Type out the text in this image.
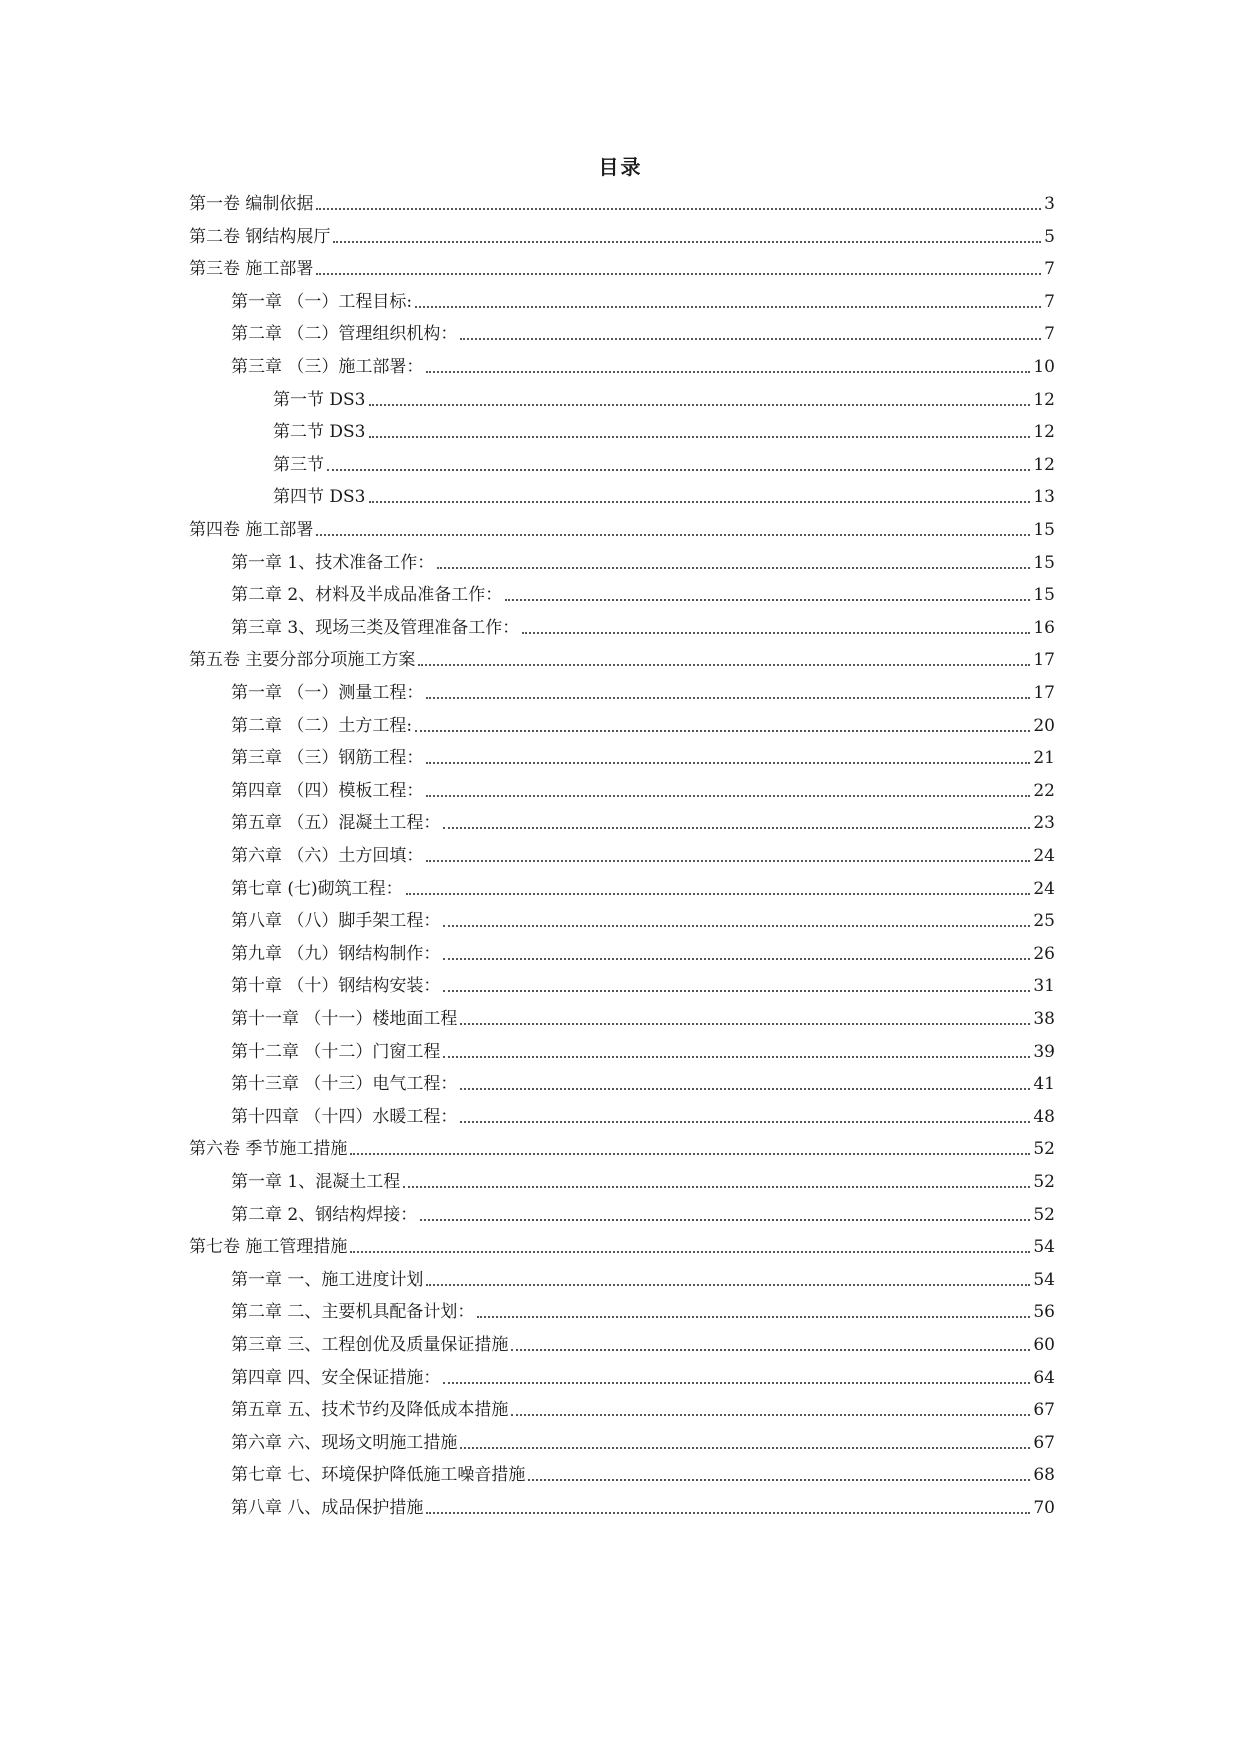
目录
第一卷 编制依据	3
第二卷 钢结构展厅	5
第三卷 施工部署	7
第一章 （一）工程目标:	7
第二章 （二）管理组织机构：	7
第三章 （三）施工部署：	10
第一节 DS3	12
第二节 DS3	12
第三节	12
第四节 DS3	13
第四卷 施工部署	15
第一章 1、技术准备工作：	15
第二章 2、材料及半成品准备工作：	15
第三章 3、现场三类及管理准备工作：	16
第五卷 主要分部分项施工方案	17
第一章 （一）测量工程：	17
第二章 （二）土方工程:	20
第三章 （三）钢筋工程：	21
第四章 （四）模板工程：	22
第五章 （五）混凝土工程：	23
第六章 （六）土方回填：	24
第七章 (七)砌筑工程：	24
第八章 （八）脚手架工程：	25
第九章 （九）钢结构制作：	26
第十章 （十）钢结构安装：	31
第十一章 （十一）楼地面工程	38
第十二章 （十二）门窗工程	39
第十三章 （十三）电气工程：	41
第十四章 （十四）水暖工程：	48
第六卷 季节施工措施	52
第一章 1、混凝土工程	52
第二章 2、钢结构焊接：	52
第七卷 施工管理措施	54
第一章 一、施工进度计划	54
第二章 二、主要机具配备计划：	56
第三章 三、工程创优及质量保证措施	60
第四章 四、安全保证措施：	64
第五章 五、技术节约及降低成本措施	67
第六章 六、现场文明施工措施	67
第七章 七、环境保护降低施工噪音措施	68
第八章 八、成品保护措施	70
